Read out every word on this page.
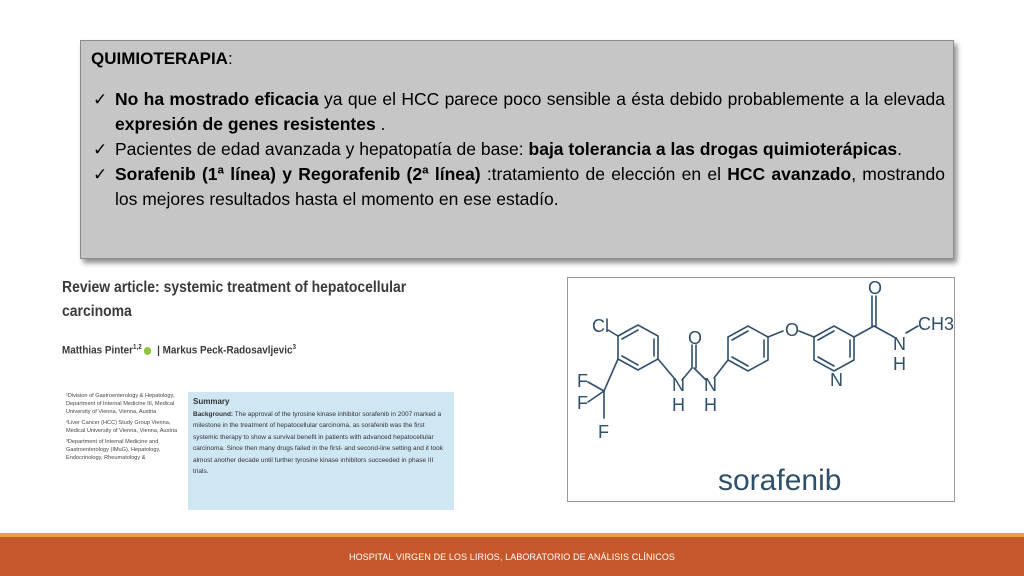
QUIMIOTERAPIA:
✓ No ha mostrado eficacia ya que el HCC parece poco sensible a ésta debido probablemente a la elevada expresión de genes resistentes .
✓ Pacientes de edad avanzada y hepatopatía de base: baja tolerancia a las drogas quimioterápicas.
✓ Sorafenib (1ª línea) y Regorafenib (2ª línea) :tratamiento de elección en el HCC avanzado, mostrando los mejores resultados hasta el momento en ese estadío.
Review article: systemic treatment of hepatocellular carcinoma
Matthias Pinter$^{1,2}$ | Markus Peck-Radosavljevic$^3$

¹Division of Gastroenterology & Hepatology, Department of Internal Medicine III, Medical University of Vienna, Vienna, Austria

²Liver Cancer (HCC) Study Group Vienna, Medical University of Vienna, Vienna, Austria

³Department of Internal Medicine and Gastroenterology (IMuG), Hepatology, Endocrinology, Rheumatology &

Summary
Background: The approval of the tyrosine kinase inhibitor sorafenib in 2007 marked a milestone in the treatment of hepatocellular carcinoma, as sorafenib was the first systemic therapy to show a survival benefit in patients with advanced hepatocellular carcinoma. Since then many drugs failed in the first- and second-line setting and it took almost another decade until further tyrosine kinase inhibitors succeeded in phase III trials.
Cl
F
F
F
N
H
O
N
H
O
N
O
N
H
CH3
sorafenib
HOSPITAL VIRGEN DE LOS LIRIOS, LABORATORIO DE ANÁLISIS CLÍNICOS
